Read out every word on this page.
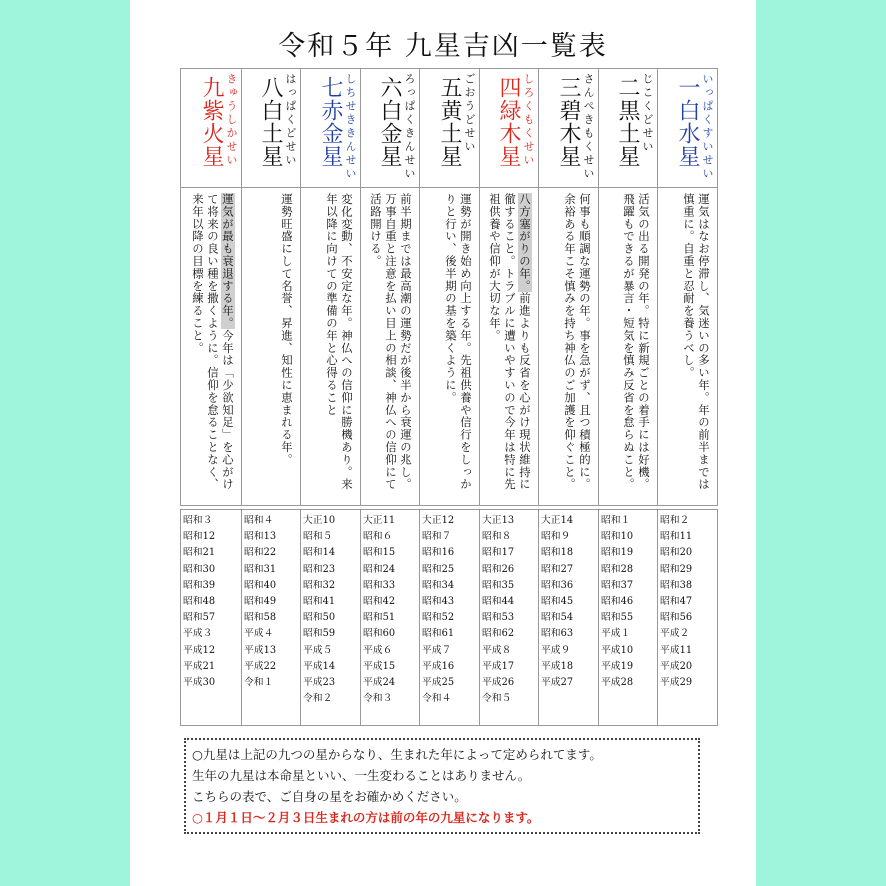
令和５年 九星吉凶一覧表
きゅうしかせい
九紫火星
運気が最も衰退する年。今年は「少欲知足」を心がけて将来の良い種を撒くように。信仰を怠ることなく、来年以降の目標を練ること。
はっぱくどせい
八白土星
運勢旺盛にして名誉、昇進、知性に恵まれる年。
しちせききんせい
七赤金星
変化変動、不安定な年。神仏への信仰に勝機あり。来年以降に向けての準備の年と心得ること
ろっぱくきんせい
六白金星
前半期までは最高潮の運勢だが後半から衰運の兆し。万事自重と注意を払い目上の相談、神仏への信仰にて活路開ける。
ごおうどせい
五黄土星
運勢が開き始め向上する年。先祖供養や信行をしっかりと行い、後半期の基を築くように。
しろくもくせい
四緑木星
八方塞がりの年。前進よりも反省を心がけ現状維持に徹すること。トラブルに遭いやすいので今年は特に先祖供養や信仰が大切な年。
さんぺきもくせい
三碧木星
何事も順調な運勢の年。事を急がず、且つ積極的に。余裕ある年こそ慎みを持ち神仏のご加護を仰ぐこと。
じこくどせい
二黒土星
活気の出る開発の年。特に新規ごとの着手には好機。飛躍もできるが暴言・短気を慎み反省を怠らぬこと。
いっぱくすいせい
一白水星
運気はなお停滞し、気迷いの多い年。年の前半までは慎重に。自重と忍耐を養うべし。
昭和３
昭和12
昭和21
昭和30
昭和39
昭和48
昭和57
平成３
平成12
平成21
平成30
昭和４
昭和13
昭和22
昭和31
昭和40
昭和49
昭和58
平成４
平成13
平成22
令和１
大正10
昭和５
昭和14
昭和23
昭和32
昭和41
昭和50
昭和59
平成５
平成14
平成23
令和２
大正11
昭和６
昭和15
昭和24
昭和33
昭和42
昭和51
昭和60
平成６
平成15
平成24
令和３
大正12
昭和７
昭和16
昭和25
昭和34
昭和43
昭和52
昭和61
平成７
平成16
平成25
令和４
大正13
昭和８
昭和17
昭和26
昭和35
昭和44
昭和53
昭和62
平成８
平成17
平成26
令和５
大正14
昭和９
昭和18
昭和27
昭和36
昭和45
昭和54
昭和63
平成９
平成18
平成27
昭和１
昭和10
昭和19
昭和28
昭和37
昭和46
昭和55
平成１
平成10
平成19
平成28
昭和２
昭和11
昭和20
昭和29
昭和38
昭和47
昭和56
平成２
平成11
平成20
平成29
○九星は上記の九つの星からなり、生まれた年によって定められてます。
生年の九星は本命星といい、一生変わることはありません。
こちらの表で、ご自身の星をお確かめください。
○１月１日〜２月３日生まれの方は前の年の九星になります。
